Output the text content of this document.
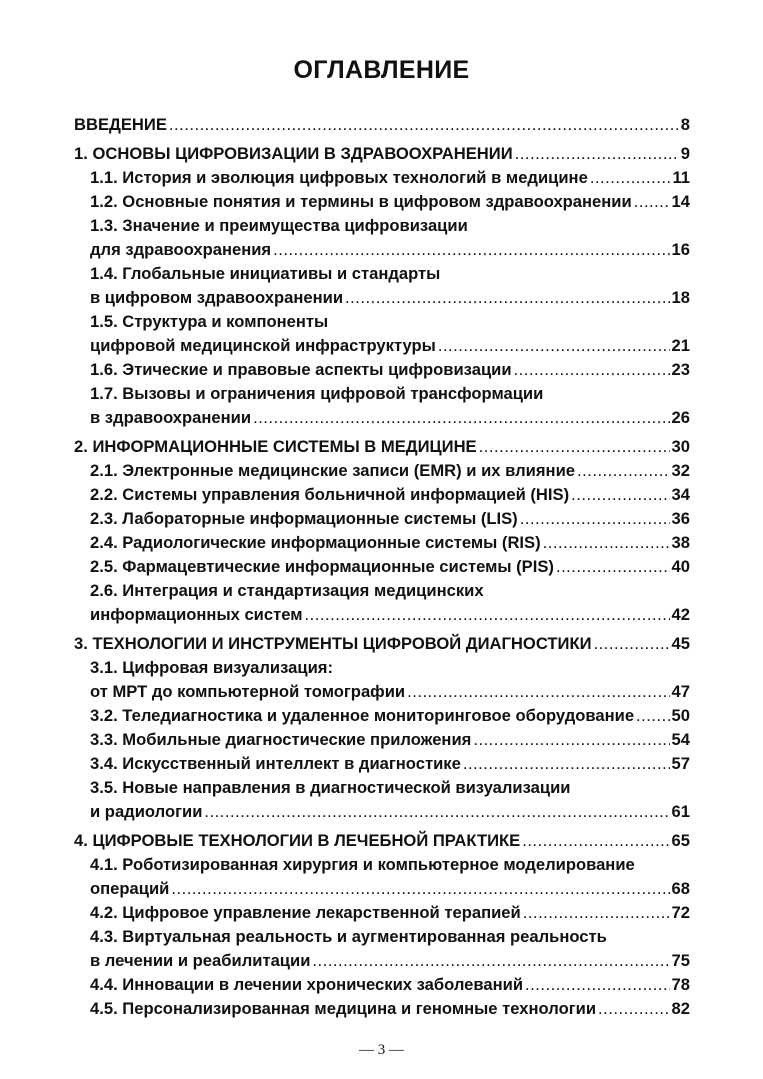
ОГЛАВЛЕНИЕ
ВВЕДЕНИЕ .....	8
1. ОСНОВЫ ЦИФРОВИЗАЦИИ В ЗДРАВООХРАНЕНИИ .....	9
1.1. История и эволюция цифровых технологий в медицине .....	11
1.2. Основные понятия и термины в цифровом здравоохранении ..... 14
1.3. Значение и преимущества цифровизации
для здравоохранения .....	16
1.4. Глобальные инициативы и стандарты
в цифровом здравоохранении .....	18
1.5. Структура и компоненты
цифровой медицинской инфраструктуры .....	21
1.6. Этические и правовые аспекты цифровизации .....	23
1.7. Вызовы и ограничения цифровой трансформации
в здравоохранении .....	26
2. ИНФОРМАЦИОННЫЕ СИСТЕМЫ В МЕДИЦИНЕ .....	30
2.1. Электронные медицинские записи (EMR) и их влияние .....	32
2.2. Системы управления больничной информацией (HIS) .....	34
2.3. Лабораторные информационные системы (LIS) .....	36
2.4. Радиологические информационные системы (RIS) .....	38
2.5. Фармацевтические информационные системы (PIS) .....	40
2.6. Интеграция и стандартизация медицинских
информационных систем .....	42
3. ТЕХНОЛОГИИ И ИНСТРУМЕНТЫ ЦИФРОВОЙ ДИАГНОСТИКИ .....	45
3.1. Цифровая визуализация:
от МРТ до компьютерной томографии .....	47
3.2. Теледиагностика и удаленное мониторинговое оборудование ..... 50
3.3. Мобильные диагностические приложения .....	54
3.4. Искусственный интеллект в диагностике .....	57
3.5. Новые направления в диагностической визуализации
и радиологии .....	61
4. ЦИФРОВЫЕ ТЕХНОЛОГИИ В ЛЕЧЕБНОЙ ПРАКТИКЕ .....	65
4.1. Роботизированная хирургия и компьютерное моделирование
операций .....	68
4.2. Цифровое управление лекарственной терапией .....	72
4.3. Виртуальная реальность и аугментированная реальность
в лечении и реабилитации .....	75
4.4. Инновации в лечении хронических заболеваний .....	78
4.5. Персонализированная медицина и геномные технологии .....	82
— 3 —
